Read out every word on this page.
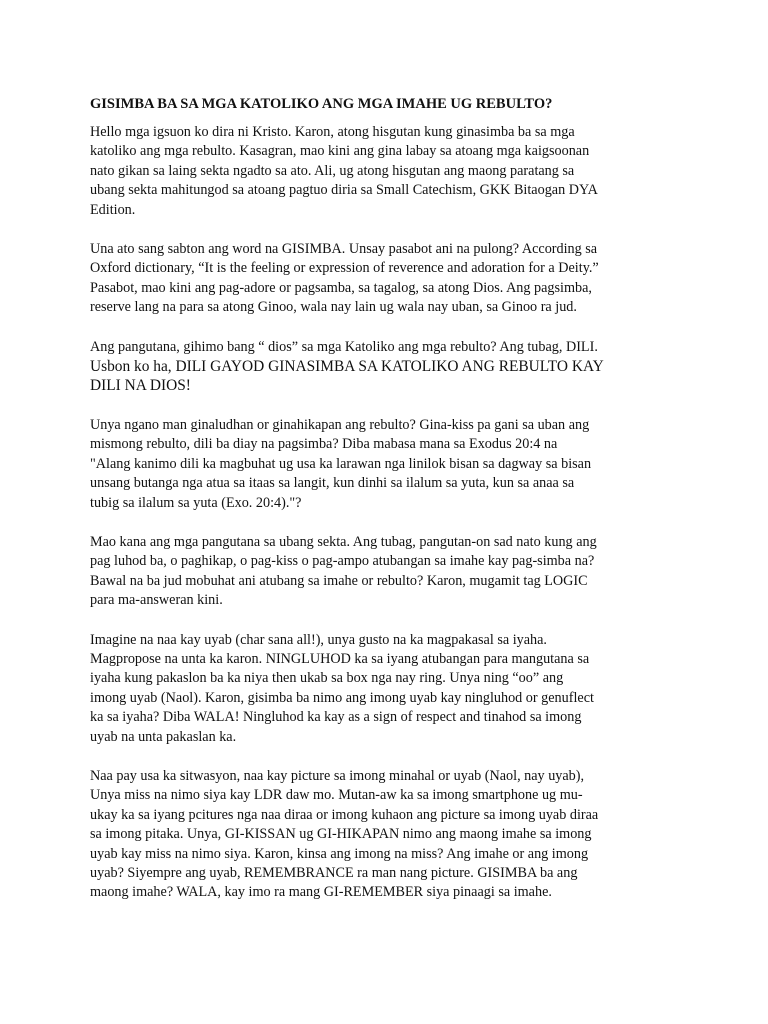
GISIMBA BA SA MGA KATOLIKO ANG MGA IMAHE UG REBULTO?
Hello mga igsuon ko dira ni Kristo. Karon, atong hisgutan kung ginasimba ba sa mga
katoliko ang mga rebulto. Kasagran, mao kini ang gina labay sa atoang mga kaigsoonan
nato gikan sa laing sekta ngadto sa ato. Ali, ug atong hisgutan ang maong paratang sa
ubang sekta mahitungod sa atoang pagtuo diria sa Small Catechism, GKK Bitaogan DYA
Edition.
Una ato sang sabton ang word na GISIMBA. Unsay pasabot ani na pulong? According sa
Oxford dictionary, “It is the feeling or expression of reverence and adoration for a Deity.”
Pasabot, mao kini ang pag-adore or pagsamba, sa tagalog, sa atong Dios. Ang pagsimba,
reserve lang na para sa atong Ginoo, wala nay lain ug wala nay uban, sa Ginoo ra jud.
Ang pangutana, gihimo bang “ dios” sa mga Katoliko ang mga rebulto? Ang tubag, DILI.
Usbon ko ha, DILI GAYOD GINASIMBA SA KATOLIKO ANG REBULTO KAY
DILI NA DIOS!
Unya ngano man ginaludhan or ginahikapan ang rebulto? Gina-kiss pa gani sa uban ang
mismong rebulto, dili ba diay na pagsimba? Diba mabasa mana sa Exodus 20:4 na
"Alang kanimo dili ka magbuhat ug usa ka larawan nga linilok bisan sa dagway sa bisan
unsang butanga nga atua sa itaas sa langit, kun dinhi sa ilalum sa yuta, kun sa anaa sa
tubig sa ilalum sa yuta (Exo. 20:4)."?
Mao kana ang mga pangutana sa ubang sekta. Ang tubag, pangutan-on sad nato kung ang
pag luhod ba, o paghikap, o pag-kiss o pag-ampo atubangan sa imahe kay pag-simba na?
Bawal na ba jud mobuhat ani atubang sa imahe or rebulto? Karon, mugamit tag LOGIC
para ma-answeran kini.
Imagine na naa kay uyab (char sana all!), unya gusto na ka magpakasal sa iyaha.
Magpropose na unta ka karon. NINGLUHOD ka sa iyang atubangan para mangutana sa
iyaha kung pakaslon ba ka niya then ukab sa box nga nay ring. Unya ning “oo” ang
imong uyab (Naol). Karon, gisimba ba nimo ang imong uyab kay ningluhod or genuflect
ka sa iyaha? Diba WALA! Ningluhod ka kay as a sign of respect and tinahod sa imong
uyab na unta pakaslan ka.
Naa pay usa ka sitwasyon, naa kay picture sa imong minahal or uyab (Naol, nay uyab),
Unya miss na nimo siya kay LDR daw mo. Mutan-aw ka sa imong smartphone ug mu-
ukay ka sa iyang pcitures nga naa diraa or imong kuhaon ang picture sa imong uyab diraa
sa imong pitaka. Unya, GI-KISSAN ug GI-HIKAPAN nimo ang maong imahe sa imong
uyab kay miss na nimo siya. Karon, kinsa ang imong na miss? Ang imahe or ang imong
uyab? Siyempre ang uyab, REMEMBRANCE ra man nang picture. GISIMBA ba ang
maong imahe? WALA, kay imo ra mang GI-REMEMBER siya pinaagi sa imahe.
